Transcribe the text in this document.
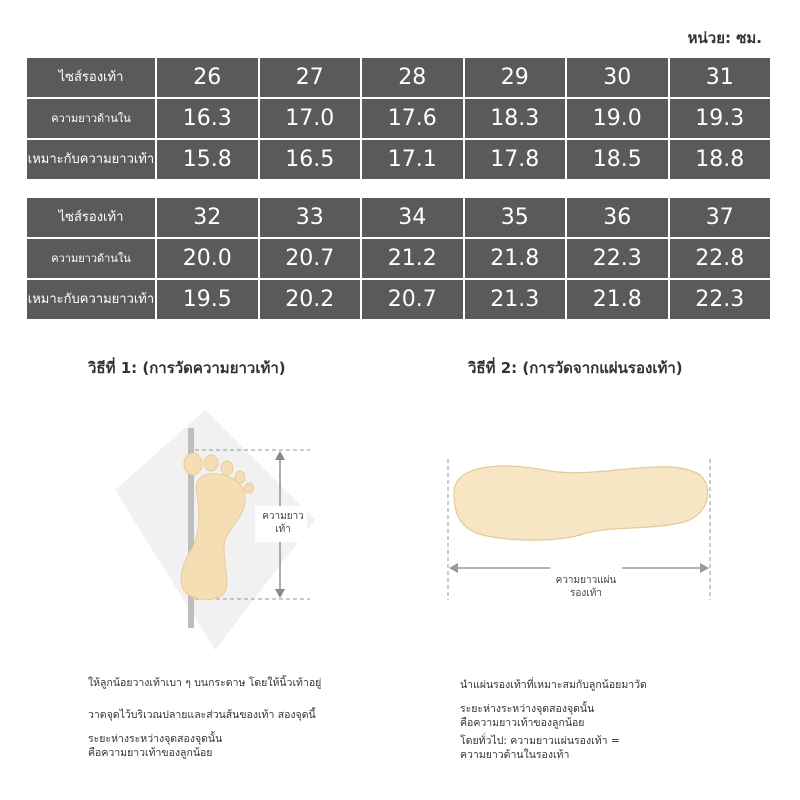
หน่วย: ซม.
ไซส์รองเท้า	26	27	28	29	30	31
ความยาวด้านใน	16.3	17.0	17.6	18.3	19.0	19.3
เหมาะกับความยาวเท้า	15.8	16.5	17.1	17.8	18.5	18.8
ไซส์รองเท้า	32	33	34	35	36	37
ความยาวด้านใน	20.0	20.7	21.2	21.8	22.3	22.8
เหมาะกับความยาวเท้า	19.5	20.2	20.7	21.3	21.8	22.3
วิธีที่ 1: (การวัดความยาวเท้า)
ความยาวเท้า

ให้ลูกน้อยวางเท้าเบา ๆ บนกระดาษ โดยให้นิ้วเท้าอยู่

วาดจุดไว้บริเวณปลายและส่วนส้นของเท้า สองจุดนี้

ระยะห่างระหว่างจุดสองจุดนั้น

คือความยาวเท้าของลูกน้อย

วิธีที่ 2: (การวัดจากแผ่นรองเท้า)
ความยาวแผ่นรองเท้า

นำแผ่นรองเท้าที่เหมาะสมกับลูกน้อยมาวัด

ระยะห่างระหว่างจุดสองจุดนั้น

คือความยาวเท้าของลูกน้อย

โดยทั่วไป: ความยาวแผ่นรองเท้า =

ความยาวด้านในรองเท้า
